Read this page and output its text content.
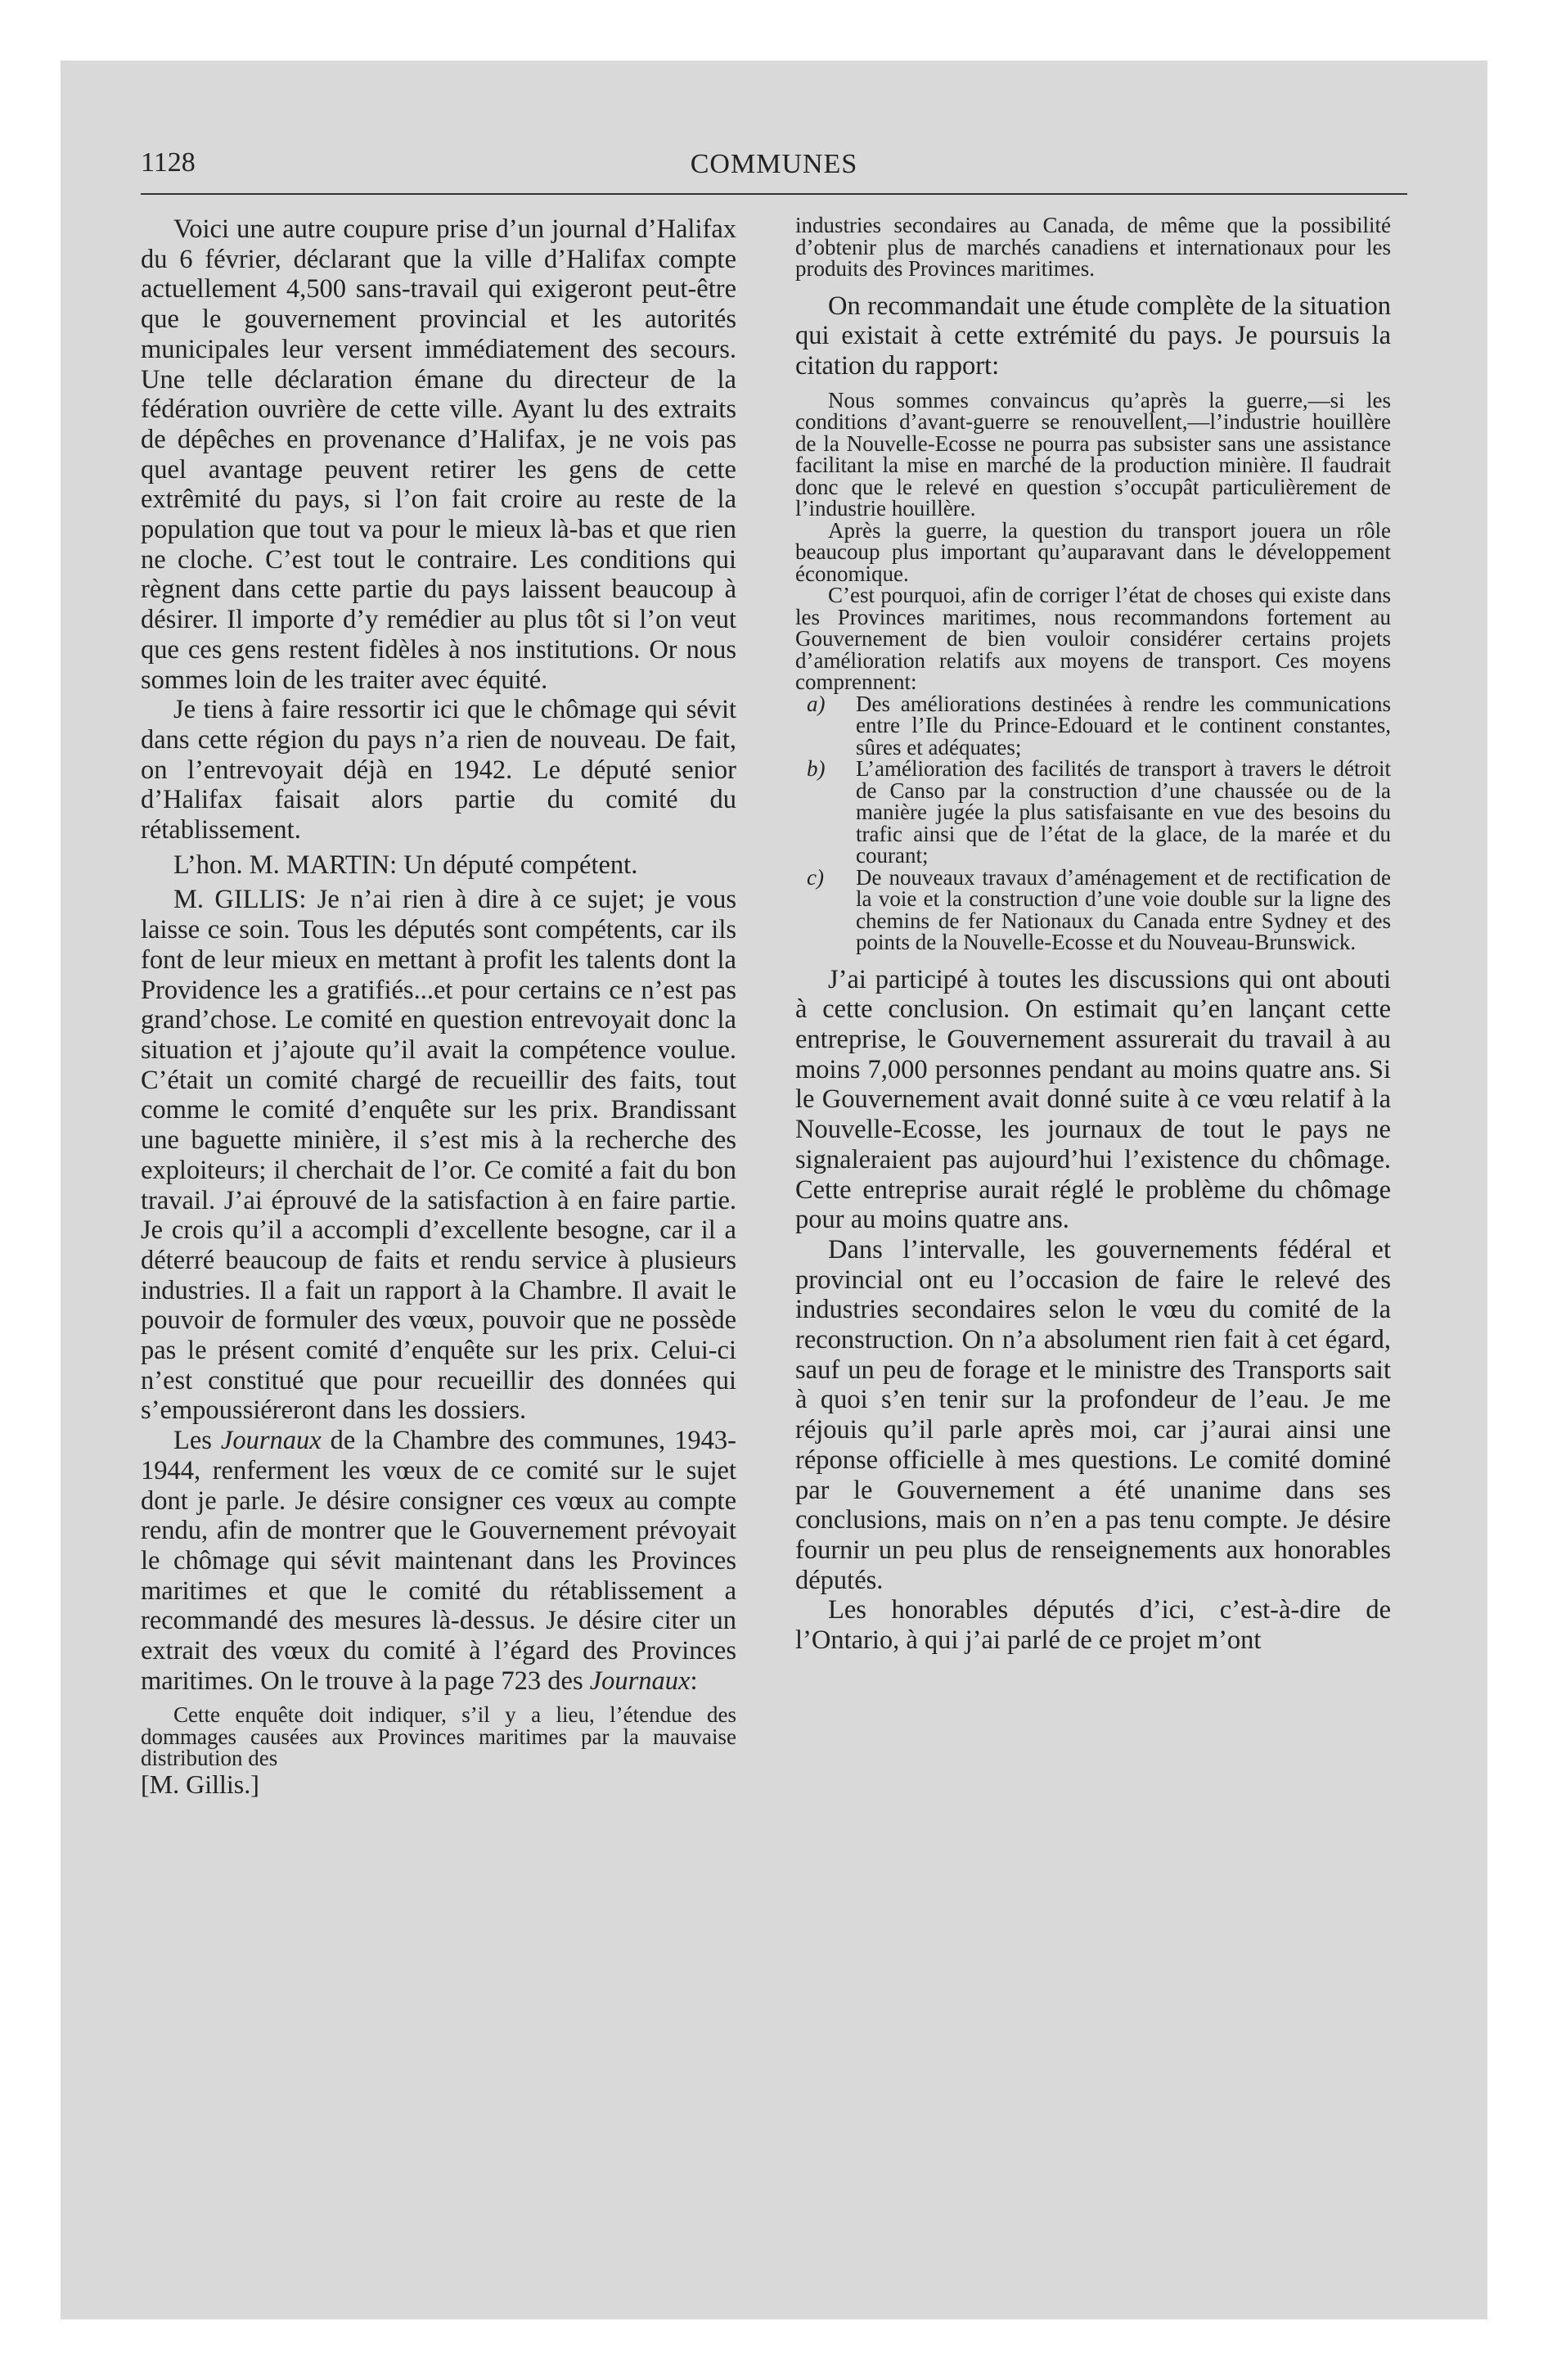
1128	COMMUNES

Voici une autre coupure prise d’un journal d’Halifax du 6 février, déclarant que la ville d’Halifax compte actuellement 4,500 sans-travail qui exigeront peut-être que le gouvernement provincial et les autorités municipales leur versent immédiatement des secours. Une telle déclaration émane du directeur de la fédération ouvrière de cette ville. Ayant lu des extraits de dépêches en provenance d’Halifax, je ne vois pas quel avantage peuvent retirer les gens de cette extrêmité du pays, si l’on fait croire au reste de la population que tout va pour le mieux là-bas et que rien ne cloche. C’est tout le contraire. Les conditions qui règnent dans cette partie du pays laissent beaucoup à désirer. Il importe d’y remédier au plus tôt si l’on veut que ces gens restent fidèles à nos institutions. Or nous sommes loin de les traiter avec équité.

Je tiens à faire ressortir ici que le chômage qui sévit dans cette région du pays n’a rien de nouveau. De fait, on l’entrevoyait déjà en 1942. Le député senior d’Halifax faisait alors partie du comité du rétablissement.

L’hon. M. MARTIN: Un député compétent.

M. GILLIS: Je n’ai rien à dire à ce sujet; je vous laisse ce soin. Tous les députés sont compétents, car ils font de leur mieux en mettant à profit les talents dont la Providence les a gratifiés...et pour certains ce n’est pas grand’chose. Le comité en question entrevoyait donc la situation et j’ajoute qu’il avait la compétence voulue. C’était un comité chargé de recueillir des faits, tout comme le comité d’enquête sur les prix. Brandissant une baguette minière, il s’est mis à la recherche des exploiteurs; il cherchait de l’or. Ce comité a fait du bon travail. J’ai éprouvé de la satisfaction à en faire partie. Je crois qu’il a accompli d’excellente besogne, car il a déterré beaucoup de faits et rendu service à plusieurs industries. Il a fait un rapport à la Chambre. Il avait le pouvoir de formuler des vœux, pouvoir que ne possède pas le présent comité d’enquête sur les prix. Celui-ci n’est constitué que pour recueillir des données qui s’empoussiéreront dans les dossiers.

Les Journaux de la Chambre des communes, 1943-1944, renferment les vœux de ce comité sur le sujet dont je parle. Je désire consigner ces vœux au compte rendu, afin de montrer que le Gouvernement prévoyait le chômage qui sévit maintenant dans les Provinces maritimes et que le comité du rétablissement a recommandé des mesures là-dessus. Je désire citer un extrait des vœux du comité à l’égard des Provinces maritimes. On le trouve à la page 723 des Journaux:

Cette enquête doit indiquer, s’il y a lieu, l’étendue des dommages causées aux Provinces maritimes par la mauvaise distribution des

[M. Gillis.]

industries secondaires au Canada, de même que la possibilité d’obtenir plus de marchés canadiens et internationaux pour les produits des Provinces maritimes.

On recommandait une étude complète de la situation qui existait à cette extrémité du pays. Je poursuis la citation du rapport:

Nous sommes convaincus qu’après la guerre,—si les conditions d’avant-guerre se renouvellent,—l’industrie houillère de la Nouvelle-Ecosse ne pourra pas subsister sans une assistance facilitant la mise en marché de la production minière. Il faudrait donc que le relevé en question s’occupât particulièrement de l’industrie houillère.

Après la guerre, la question du transport jouera un rôle beaucoup plus important qu’auparavant dans le développement économique.

C’est pourquoi, afin de corriger l’état de choses qui existe dans les Provinces maritimes, nous recommandons fortement au Gouvernement de bien vouloir considérer certains projets d’amélioration relatifs aux moyens de transport. Ces moyens comprennent:

a) Des améliorations destinées à rendre les communications entre l’Ile du Prince-Edouard et le continent constantes, sûres et adéquates;
b) L’amélioration des facilités de transport à travers le détroit de Canso par la construction d’une chaussée ou de la manière jugée la plus satisfaisante en vue des besoins du trafic ainsi que de l’état de la glace, de la marée et du courant;
c) De nouveaux travaux d’aménagement et de rectification de la voie et la construction d’une voie double sur la ligne des chemins de fer Nationaux du Canada entre Sydney et des points de la Nouvelle-Ecosse et du Nouveau-Brunswick.

J’ai participé à toutes les discussions qui ont abouti à cette conclusion. On estimait qu’en lançant cette entreprise, le Gouvernement assurerait du travail à au moins 7,000 personnes pendant au moins quatre ans. Si le Gouvernement avait donné suite à ce vœu relatif à la Nouvelle-Ecosse, les journaux de tout le pays ne signaleraient pas aujourd’hui l’existence du chômage. Cette entreprise aurait réglé le problème du chômage pour au moins quatre ans.

Dans l’intervalle, les gouvernements fédéral et provincial ont eu l’occasion de faire le relevé des industries secondaires selon le vœu du comité de la reconstruction. On n’a absolument rien fait à cet égard, sauf un peu de forage et le ministre des Transports sait à quoi s’en tenir sur la profondeur de l’eau. Je me réjouis qu’il parle après moi, car j’aurai ainsi une réponse officielle à mes questions. Le comité dominé par le Gouvernement a été unanime dans ses conclusions, mais on n’en a pas tenu compte. Je désire fournir un peu plus de renseignements aux honorables députés.

Les honorables députés d’ici, c’est-à-dire de l’Ontario, à qui j’ai parlé de ce projet m’ont
